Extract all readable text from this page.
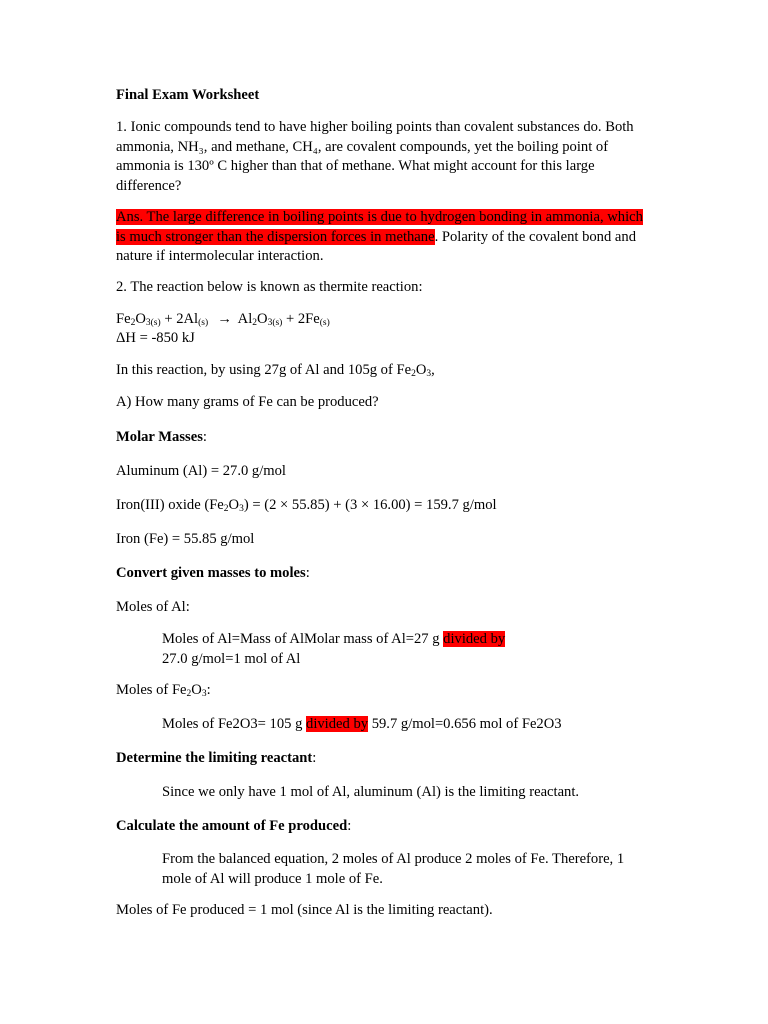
Final Exam Worksheet

1. Ionic compounds tend to have higher boiling points than covalent substances do. Both ammonia, NH₃, and methane, CH₄, are covalent compounds, yet the boiling point of ammonia is 130º C higher than that of methane. What might account for this large difference?

Ans. The large difference in boiling points is due to hydrogen bonding in ammonia, which is much stronger than the dispersion forces in methane. Polarity of the covalent bond and nature if intermolecular interaction.

2. The reaction below is known as thermite reaction:

$Fe_2O_{3(s)} + 2Al_{(s)} \to Al_2O_{3(s)} + 2Fe_{(s)}$

ΔH = -850 kJ

In this reaction, by using 27g of Al and 105g of $Fe_2O_3$,

A) How many grams of Fe can be produced?

Molar Masses:

Aluminum (Al) = 27.0 g/mol

Iron(III) oxide $(Fe_2O_3) = (2 \times 55.85) + (3 \times 16.00) = 159.7$ g/mol

Iron (Fe) = 55.85 g/mol

Convert given masses to moles:

Moles of Al:

Moles of Al=Mass of AlMolar mass of Al=27 g divided by
27.0 g/mol=1 mol of Al

Moles of $Fe_2O_3$:

Moles of Fe2O3= 105 g divided by 59.7 g/mol=0.656 mol of Fe2O3

Determine the limiting reactant:

Since we only have 1 mol of Al, aluminum (Al) is the limiting reactant.

Calculate the amount of Fe produced:

From the balanced equation, 2 moles of Al produce 2 moles of Fe. Therefore, 1 mole of Al will produce 1 mole of Fe.

Moles of Fe produced = 1 mol (since Al is the limiting reactant).
